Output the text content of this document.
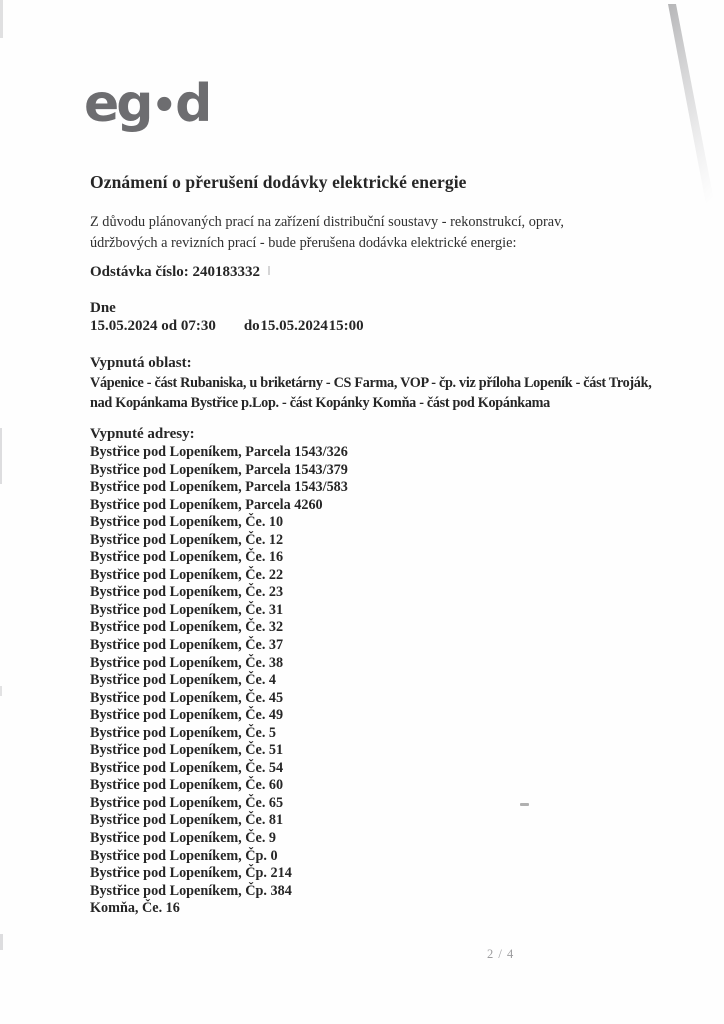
eg•d
Oznámení o přerušení dodávky elektrické energie
Z důvodu plánovaných prací na zařízení distribuční soustavy - rekonstrukcí, oprav, údržbových a revizních prací - bude přerušena dodávka elektrické energie:
Odstávka číslo: 240183332
Dne
15.05.2024 od 07:30 do 15.05.2024 15:00
Vypnutá oblast:
Vápenice - část Rubaniska, u briketárny - CS Farma, VOP - čp. viz příloha Lopeník - část Troják,
nad Kopánkama Bystřice p.Lop. - část Kopánky Komňa - část pod Kopánkama
Vypnuté adresy:
Bystřice pod Lopeníkem, Parcela 1543/326
Bystřice pod Lopeníkem, Parcela 1543/379
Bystřice pod Lopeníkem, Parcela 1543/583
Bystřice pod Lopeníkem, Parcela 4260
Bystřice pod Lopeníkem, Če. 10
Bystřice pod Lopeníkem, Če. 12
Bystřice pod Lopeníkem, Če. 16
Bystřice pod Lopeníkem, Če. 22
Bystřice pod Lopeníkem, Če. 23
Bystřice pod Lopeníkem, Če. 31
Bystřice pod Lopeníkem, Če. 32
Bystřice pod Lopeníkem, Če. 37
Bystřice pod Lopeníkem, Če. 38
Bystřice pod Lopeníkem, Če. 4
Bystřice pod Lopeníkem, Če. 45
Bystřice pod Lopeníkem, Če. 49
Bystřice pod Lopeníkem, Če. 5
Bystřice pod Lopeníkem, Če. 51
Bystřice pod Lopeníkem, Če. 54
Bystřice pod Lopeníkem, Če. 60
Bystřice pod Lopeníkem, Če. 65
Bystřice pod Lopeníkem, Če. 81
Bystřice pod Lopeníkem, Če. 9
Bystřice pod Lopeníkem, Čp. 0
Bystřice pod Lopeníkem, Čp. 214
Bystřice pod Lopeníkem, Čp. 384
Komňa, Če. 16
2 / 4
